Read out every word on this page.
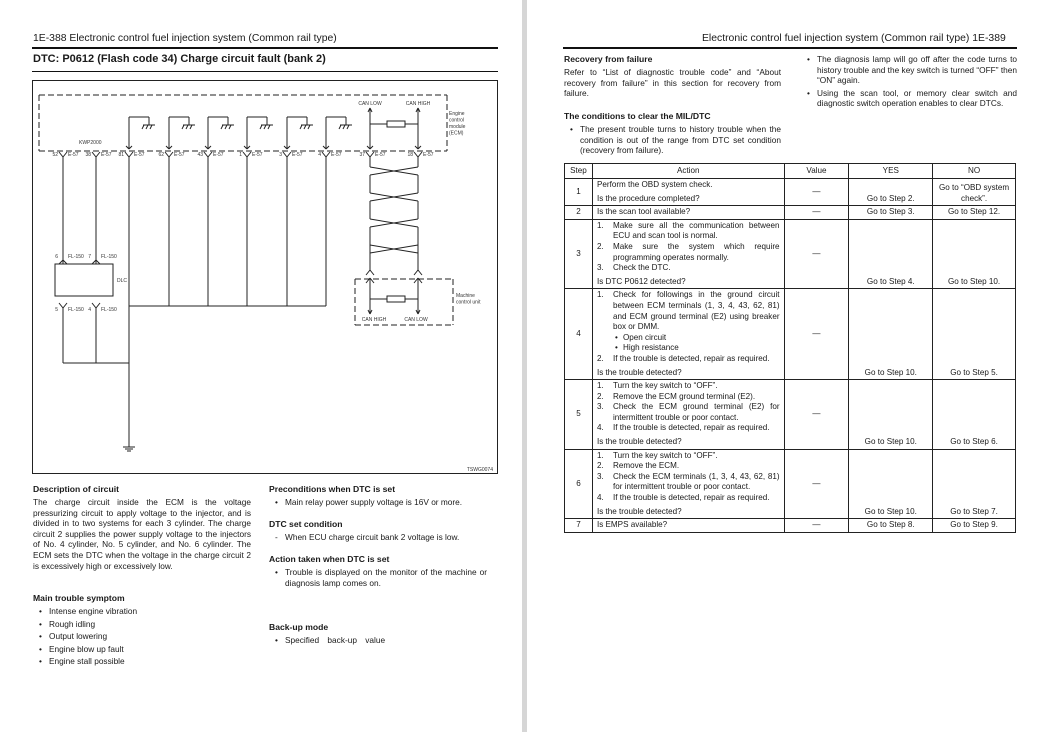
1E-388 Electronic control fuel injection system (Common rail type)
DTC: P0612 (Flash code 34) Charge circuit fault (bank 2)
Engine
control
module
(ECM)
52 E-57 38 E-57 81 E-57	62 E-57	43 E-57	1 E-57	3 E-57	4 E-57	37 E-57	18 E-57
KWP2000
CAN LOW	CAN HIGH
DLC
6 FL-150
5 FL-150
7 FL-150
4 FL-150
Machine
control unit
CAN HIGH	CAN LOW
TSWG0074
Description of circuit
The charge circuit inside the ECM is the voltage pressurizing circuit to apply voltage to the injector, and is divided in to two systems for each 3 cylinder. The charge circuit 2 supplies the power supply voltage to the injectors of No. 4 cylinder, No. 5 cylinder, and No. 6 cylinder. The ECM sets the DTC when the voltage in the charge circuit 2 is excessively high or excessively low.
Main trouble symptom
• Intense engine vibration
• Rough idling
• Output lowering
• Engine blow up fault
• Engine stall possible
Preconditions when DTC is set
• Main relay power supply voltage is 16V or more.
DTC set condition
- When ECU charge circuit bank 2 voltage is low.
Action taken when DTC is set
• Trouble is displayed on the monitor of the machine or diagnosis lamp comes on.
Back-up mode
• Specified back-up value
Electronic control fuel injection system (Common rail type) 1E-389
Recovery from failure
Refer to “List of diagnostic trouble code” and “About recovery from failure” in this section for recovery from failure.
The conditions to clear the MIL/DTC
• The present trouble turns to history trouble when the condition is out of the range from DTC set condition (recovery from failure).
• The diagnosis lamp will go off after the code turns to history trouble and the key switch is turned “OFF” then “ON” again.
• Using the scan tool, or memory clear switch and diagnostic switch operation enables to clear DTCs.
Step	Action	Value	YES	NO
1	Perform the OBD system check.
Is the procedure completed?	—	Go to Step 2.	Go to “OBD system check”.
2	Is the scan tool available?	—	Go to Step 3.	Go to Step 12.
3	
1. Make sure all the communication between ECU and scan tool is normal.
2. Make sure the system which require programming operates normally.
3. Check the DTC.
Is DTC P0612 detected?
	—	Go to Step 4.	Go to Step 10.
4	
1. Check for followings in the ground circuit between ECM terminals (1, 3, 4, 43, 62, 81) and ECM ground terminal (E2) using breaker box or DMM.
• Open circuit
• High resistance
2. If the trouble is detected, repair as required.
Is the trouble detected?
	—	Go to Step 10.	Go to Step 5.
5	
1. Turn the key switch to “OFF”.
2. Remove the ECM ground terminal (E2).
3. Check the ECM ground terminal (E2) for intermittent trouble or poor contact.
4. If the trouble is detected, repair as required.
Is the trouble detected?
	—	Go to Step 10.	Go to Step 6.
6	
1. Turn the key switch to “OFF”.
2. Remove the ECM.
3. Check the ECM terminals (1, 3, 4, 43, 62, 81) for intermittent trouble or poor contact.
4. If the trouble is detected, repair as required.
Is the trouble detected?
	—	Go to Step 10.	Go to Step 7.
7	Is EMPS available?	—	Go to Step 8.	Go to Step 9.
